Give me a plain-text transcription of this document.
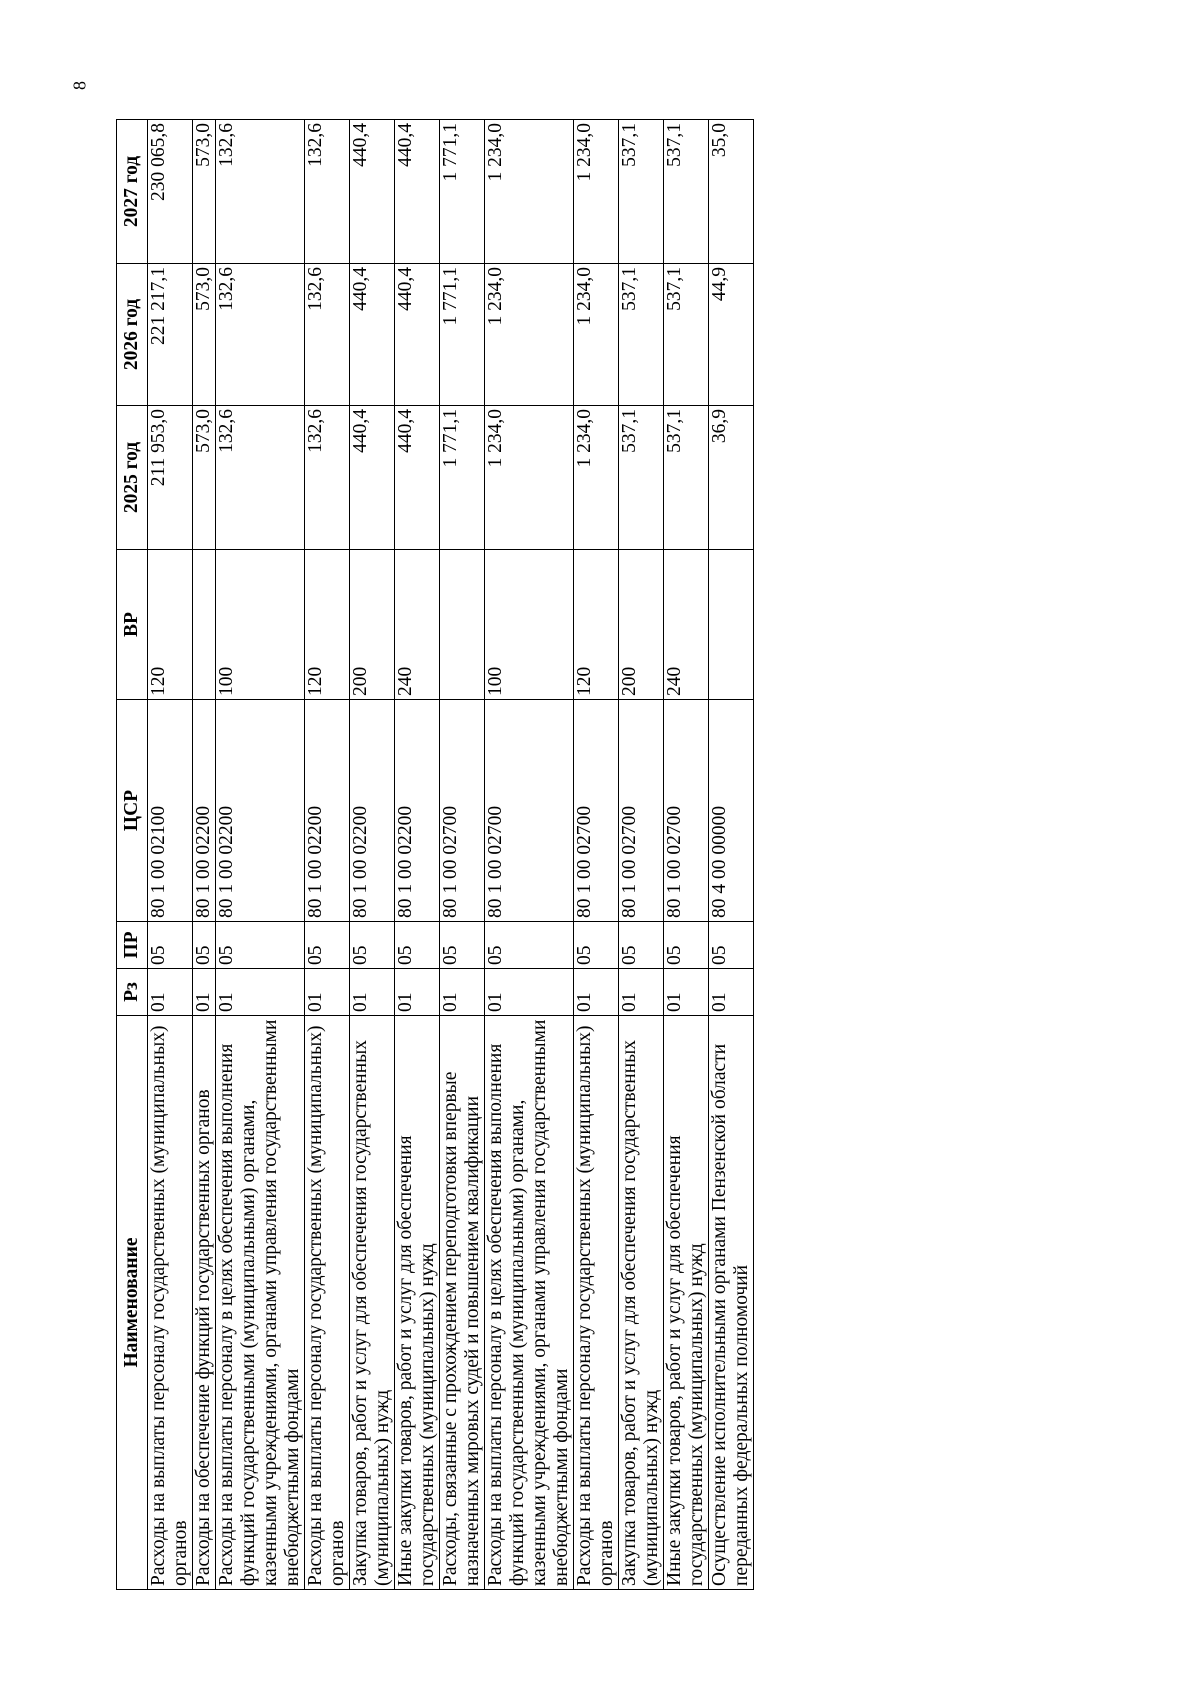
8
Наименование	Рз	ПР	ЦСР	ВР	2025 год	2026 год	2027 год
Расходы на выплаты персоналу государственных (муниципальных) органов	01	05	80 1 00 02100	120	211 953,0	221 217,1	230 065,8
Расходы на обеспечение функций государственных органов	01	05	80 1 00 02200		573,0	573,0	573,0
Расходы на выплаты персоналу в целях обеспечения выполнения функций государственными (муниципальными) органами, казенными учреждениями, органами управления государственными внебюджетными фондами	01	05	80 1 00 02200	100	132,6	132,6	132,6
Расходы на выплаты персоналу государственных (муниципальных) органов	01	05	80 1 00 02200	120	132,6	132,6	132,6
Закупка товаров, работ и услуг для обеспечения государственных (муниципальных) нужд	01	05	80 1 00 02200	200	440,4	440,4	440,4
Иные закупки товаров, работ и услуг для обеспечения государственных (муниципальных) нужд	01	05	80 1 00 02200	240	440,4	440,4	440,4
Расходы, связанные с прохождением переподготовки впервые назначенных мировых судей и повышением квалификации	01	05	80 1 00 02700		1 771,1	1 771,1	1 771,1
Расходы на выплаты персоналу в целях обеспечения выполнения функций государственными (муниципальными) органами, казенными учреждениями, органами управления государственными внебюджетными фондами	01	05	80 1 00 02700	100	1 234,0	1 234,0	1 234,0
Расходы на выплаты персоналу государственных (муниципальных) органов	01	05	80 1 00 02700	120	1 234,0	1 234,0	1 234,0
Закупка товаров, работ и услуг для обеспечения государственных (муниципальных) нужд	01	05	80 1 00 02700	200	537,1	537,1	537,1
Иные закупки товаров, работ и услуг для обеспечения государственных (муниципальных) нужд	01	05	80 1 00 02700	240	537,1	537,1	537,1
Осуществление исполнительными органами Пензенской области переданных федеральных полномочий	01	05	80 4 00 00000		36,9	44,9	35,0
